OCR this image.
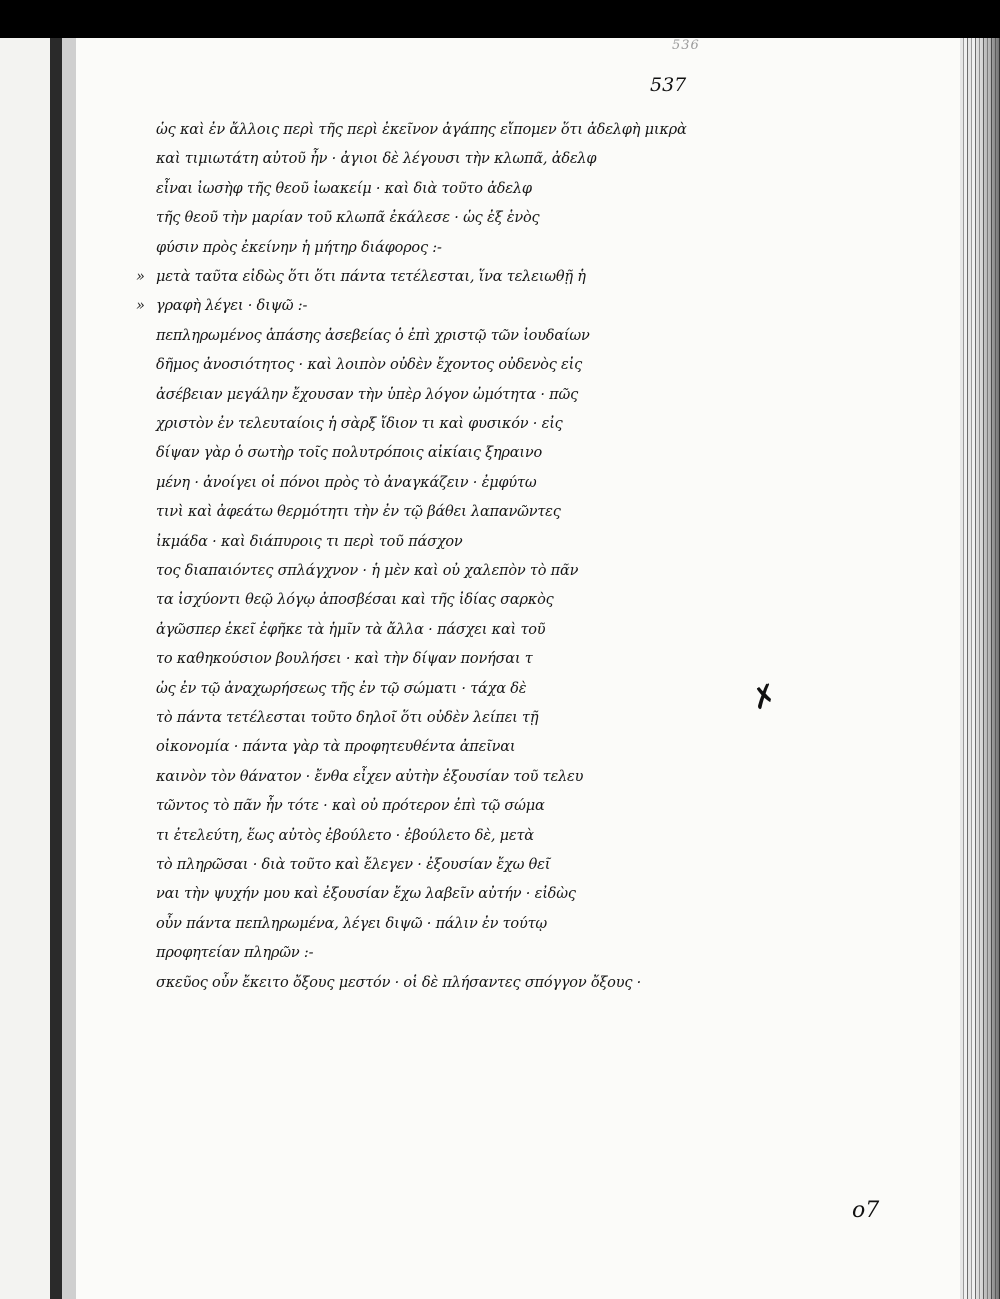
536
537
ὡς καὶ ἐν ἄλλοις περὶ τῆς περὶ ἐκεῖνον ἀγάπης εἴπομεν ὅτι ἀδελφὴ μικρὰ
καὶ τιμιωτάτη αὐτοῦ ἦν · ἀγιοι δὲ λέγουσι τὴν κλωπᾶ, ἀδελφ
εἶναι ἰωσὴφ τῆς θεοῦ ἰωακείμ · καὶ διὰ τοῦτο ἀδελφ
τῆς θεοῦ τὴν μαρίαν τοῦ κλωπᾶ ἐκάλεσε · ὡς ἐξ ἑνὸς
φύσιν πρὸς ἐκείνην ἡ μήτηρ διάφορος :-
» μετὰ ταῦτα εἰδὼς ὅτι ὅτι πάντα τετέλεσται, ἵνα τελειωθῇ ἡ
» γραφὴ λέγει · διψῶ :-
πεπληρωμένος ἁπάσης ἀσεβείας ὁ ἐπὶ χριστῷ τῶν ἰουδαίων
δῆμος ἀνοσιότητος · καὶ λοιπὸν οὐδὲν ἔχοντος οὐδενὸς εἰς
ἀσέβειαν μεγάλην ἔχουσαν τὴν ὑπὲρ λόγον ὠμότητα · πῶς
χριστὸν ἐν τελευταίοις ἡ σὰρξ ἴδιον τι καὶ φυσικόν · εἰς
δίψαν γὰρ ὁ σωτὴρ τοῖς πολυτρόποις αἰκίαις ξηραινο
μένη · ἀνοίγει οἱ πόνοι πρὸς τὸ ἀναγκάζειν · ἐμφύτω
τινὶ καὶ ἀφεάτω θερμότητι τὴν ἐν τῷ βάθει λαπανῶντες
ἰκμάδα · καὶ διάπυροις τι περὶ τοῦ πάσχον
τος διαπαιόντες σπλάγχνον · ἡ μὲν καὶ οὐ χαλεπὸν τὸ πᾶν
τα ἰσχύοντι θεῷ λόγῳ ἀποσβέσαι καὶ τῆς ἰδίας σαρκὸς
ἀγῶσπερ ἐκεῖ ἐφῆκε τὰ ἡμῖν τὰ ἄλλα · πάσχει καὶ τοῦ
το καθηκούσιον βουλήσει · καὶ τὴν δίψαν πονήσαι τ
ὡς ἐν τῷ ἀναχωρήσεως τῆς ἐν τῷ σώματι · τάχα δὲ
τὸ πάντα τετέλεσται τοῦτο δηλοῖ ὅτι οὐδὲν λείπει τῇ
οἰκονομία · πάντα γὰρ τὰ προφητευθέντα ἀπεῖναι
καινὸν τὸν θάνατον · ἔνθα εἶχεν αὐτὴν ἐξουσίαν τοῦ τελευ
τῶντος τὸ πᾶν ἦν τότε · καὶ οὐ πρότερον ἐπὶ τῷ σώμα
τι ἐτελεύτη, ἕως αὐτὸς ἐβούλετο · ἐβούλετο δὲ, μετὰ
τὸ πληρῶσαι · διὰ τοῦτο καὶ ἔλεγεν · ἐξουσίαν ἔχω θεῖ
ναι τὴν ψυχήν μου καὶ ἐξουσίαν ἔχω λαβεῖν αὐτήν · εἰδὼς
οὖν πάντα πεπληρωμένα, λέγει διψῶ · πάλιν ἐν τούτῳ
προφητείαν πληρῶν :-
σκεῦος οὖν ἔκειτο ὄξους μεστόν · οἱ δὲ πλήσαντες σπόγγον ὄξους ·
✗
ο7
